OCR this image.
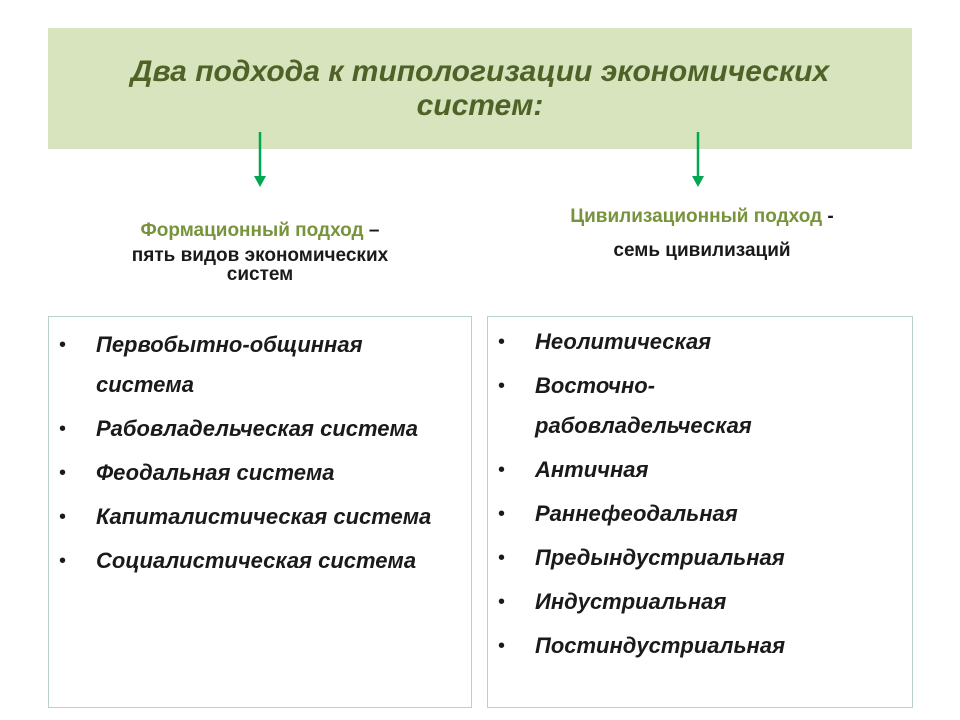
Два подхода к типологизации экономических систем:
Формационный подход –
пять видов экономических

систем
Цивилизационный подход -
семь цивилизаций
• Первобытно-общинная система
• Рабовладельческая система
• Феодальная система
• Капиталистическая система
• Социалистическая система
• Неолитическая
• Восточно-рабовладельческая
• Античная
• Раннефеодальная
• Предындустриальная
• Индустриальная
• Постиндустриальная
